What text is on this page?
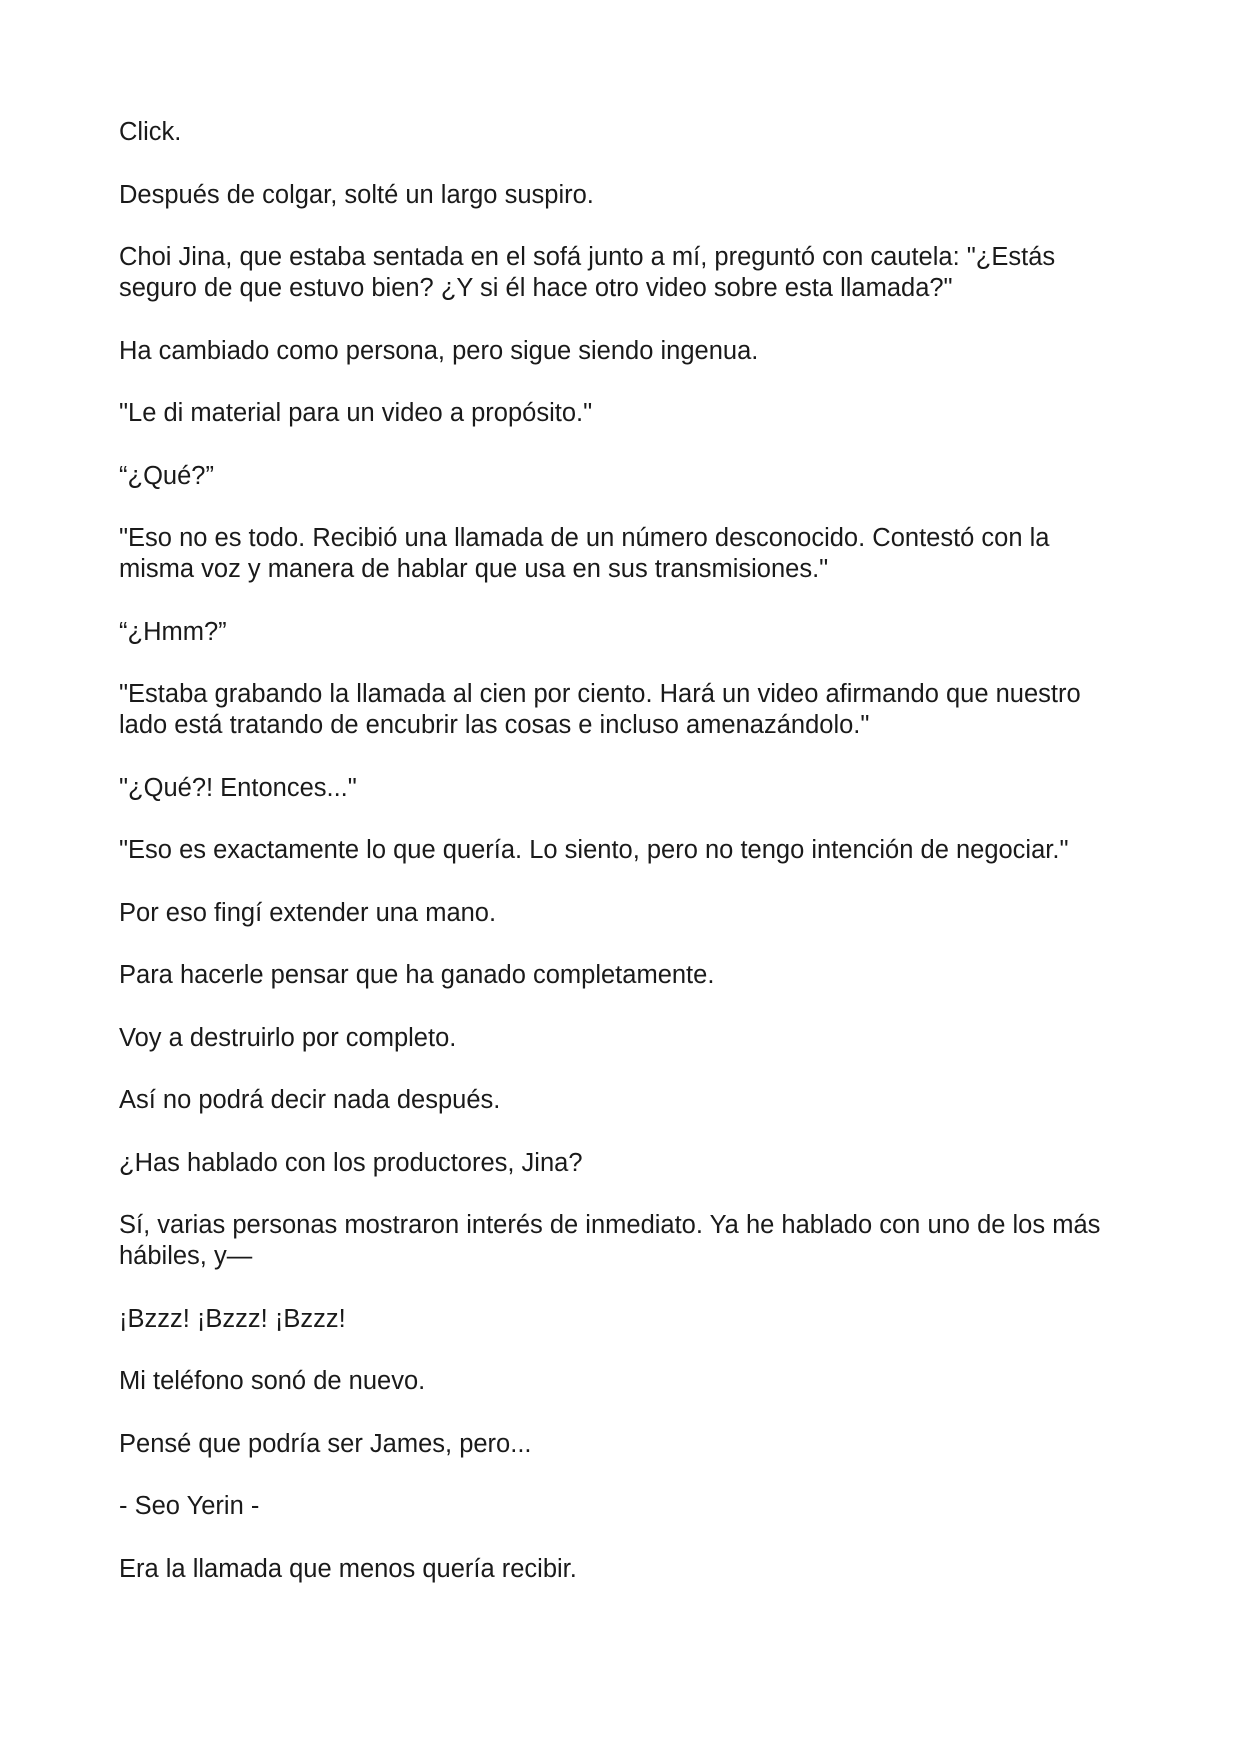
Click.

Después de colgar, solté un largo suspiro.

Choi Jina, que estaba sentada en el sofá junto a mí, preguntó con cautela: "¿Estás seguro de que estuvo bien? ¿Y si él hace otro video sobre esta llamada?"

Ha cambiado como persona, pero sigue siendo ingenua.

"Le di material para un video a propósito."

“¿Qué?”

"Eso no es todo. Recibió una llamada de un número desconocido. Contestó con la misma voz y manera de hablar que usa en sus transmisiones."

“¿Hmm?”

"Estaba grabando la llamada al cien por ciento. Hará un video afirmando que nuestro lado está tratando de encubrir las cosas e incluso amenazándolo."

"¿Qué?! Entonces..."

"Eso es exactamente lo que quería. Lo siento, pero no tengo intención de negociar."

Por eso fingí extender una mano.

Para hacerle pensar que ha ganado completamente.

Voy a destruirlo por completo.

Así no podrá decir nada después.

¿Has hablado con los productores, Jina?

Sí, varias personas mostraron interés de inmediato. Ya he hablado con uno de los más hábiles, y—

¡Bzzz! ¡Bzzz! ¡Bzzz!

Mi teléfono sonó de nuevo.

Pensé que podría ser James, pero...

- Seo Yerin -

Era la llamada que menos quería recibir.
